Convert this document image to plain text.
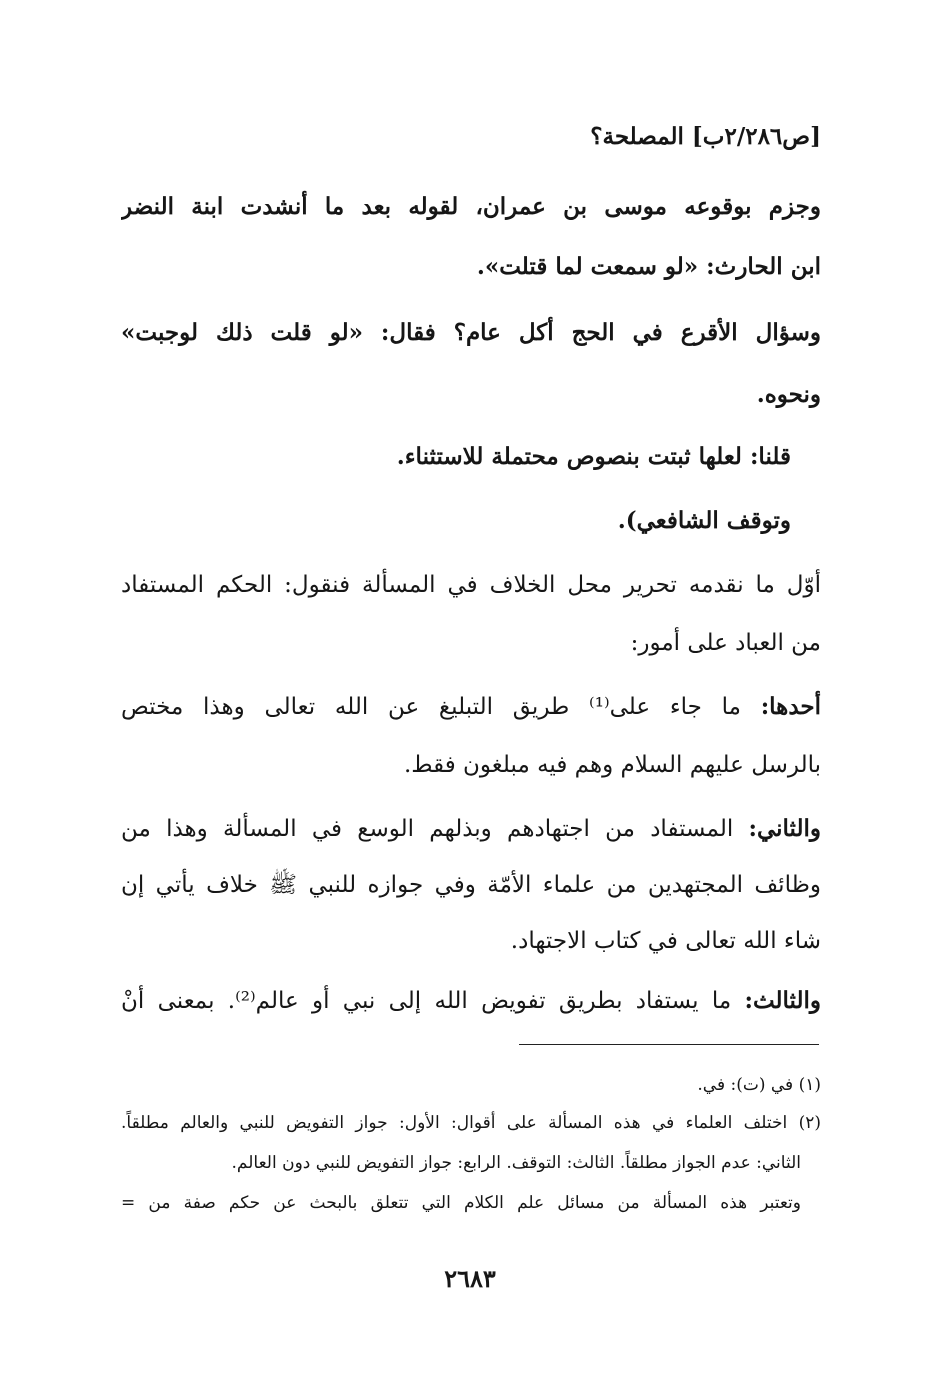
[ص٢/٢٨٦ب] المصلحة؟
وجزم بوقوعه موسى بن عمران، لقوله بعد ما أنشدت ابنة النضر
ابن الحارث: «لو سمعت لما قتلت».
وسؤال الأقرع في الحج أكل عام؟ فقال: «لو قلت ذلك لوجبت»
ونحوه.
قلنا: لعلها ثبتت بنصوص محتملة للاستثناء.
وتوقف الشافعي).
أوّل ما نقدمه تحرير محل الخلاف في المسألة فنقول: الحكم المستفاد
من العباد على أمور:
أحدها: ما جاء على⁽¹⁾ طريق التبليغ عن الله تعالى وهذا مختص
بالرسل عليهم السلام وهم فيه مبلغون فقط.
والثاني: المستفاد من اجتهادهم وبذلهم الوسع في المسألة وهذا من
وظائف المجتهدين من علماء الأمّة وفي جوازه للنبي ﷺ خلاف يأتي إن
شاء الله تعالى في كتاب الاجتهاد.
والثالث: ما يستفاد بطريق تفويض الله إلى نبي أو عالم⁽²⁾. بمعنى أنْ
(١) في (ت): في.
(٢) اختلف العلماء في هذه المسألة على أقوال: الأول: جواز التفويض للنبي والعالم مطلقاً.
الثاني: عدم الجواز مطلقاً. الثالث: التوقف. الرابع: جواز التفويض للنبي دون العالم.
وتعتبر هذه المسألة من مسائل علم الكلام التي تتعلق بالبحث عن حكم صفة من =
٢٦٨٣
